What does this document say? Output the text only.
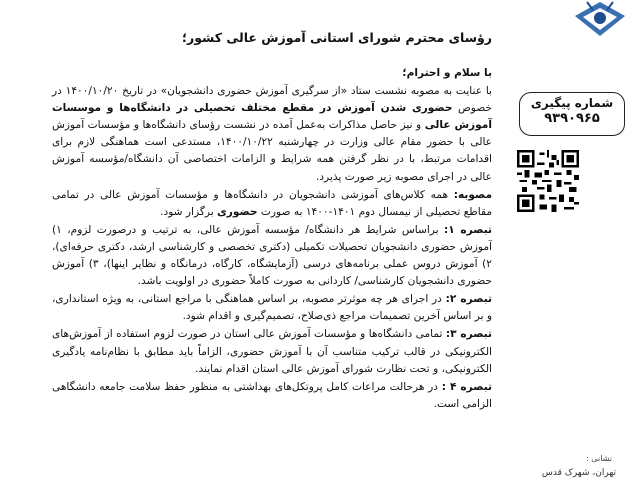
رؤسای محترم شورای استانی آموزش عالی کشور؛
با سلام و احترام؛
با عنایت به مصوبه نشست ستاد «از سرگیری آموزش حضوری دانشجویان» در تاریخ ۱۴۰۰/۱۰/۲۰ در خصوص حضوری شدن آموزش در مقطع مختلف تحصیلی در دانشگاه‌ها و موسسات آموزش عالی و نیز حاصل مذاکرات به‌عمل آمده در نشست رؤسای دانشگاه‌ها و مؤسسات آموزش عالی با حضور مقام عالی وزارت در چهارشنبه ۱۴۰۰/۱۰/۲۲، مستدعی است هماهنگی لازم برای اقدامات مرتبط، با در نظر گرفتن همه شرایط و الزامات اختصاصی آن دانشگاه/مؤسسه آموزش عالی در اجرای مصوبه زیر صورت پذیرد.
مصوبه: همه کلاس‌های آموزشی دانشجویان در دانشگاه‌ها و مؤسسات آموزش عالی در تمامی مقاطع تحصیلی از نیمسال دوم ۱۴۰۱-۱۴۰۰ به صورت حضوری برگزار شود.
تبصره ۱: براساس شرایط هر دانشگاه/ مؤسسه آموزش عالی، به ترتیب و درصورت لزوم، ۱) آموزش حضوری دانشجویان تحصیلات تکمیلی (دکتری تخصصی و کارشناسی ارشد، دکتری حرفه‌ای)، ۲) آموزش دروس عملی برنامه‌های درسی (آزمایشگاه، کارگاه، درمانگاه و نظایر اینها)، ۳) آموزش حضوری دانشجویان کارشناسی/ کاردانی به صورت کاملاً حضوری در اولویت باشد.
تبصره ۲: در اجرای هر چه موثرتر مصوبه، بر اساس هماهنگی با مراجع استانی، به ویژه استانداری، و بر اساس آخرین تصمیمات مراجع ذی‌صلاح، تصمیم‌گیری و اقدام شود.
تبصره ۳: تمامی دانشگاه‌ها و مؤسسات آموزش عالی استان در صورت لزوم استفاده از آموزش‌های الکترونیکی در قالب ترکیب متناسب آن با آموزش حضوری، الزاماً باید مطابق با نظام‌نامه یادگیری الکترونیکی، و تحت نظارت شورای آموزش عالی استان اقدام نمایند.
تبصره ۴ : در هرحالت مراعات کامل پروتکل‌های بهداشتی به منظور حفظ سلامت جامعه دانشگاهی الزامی است.
شماره پیگیری
۹۳۹۰۹۶۵
نشانی :
تهران، شهرک قدس
